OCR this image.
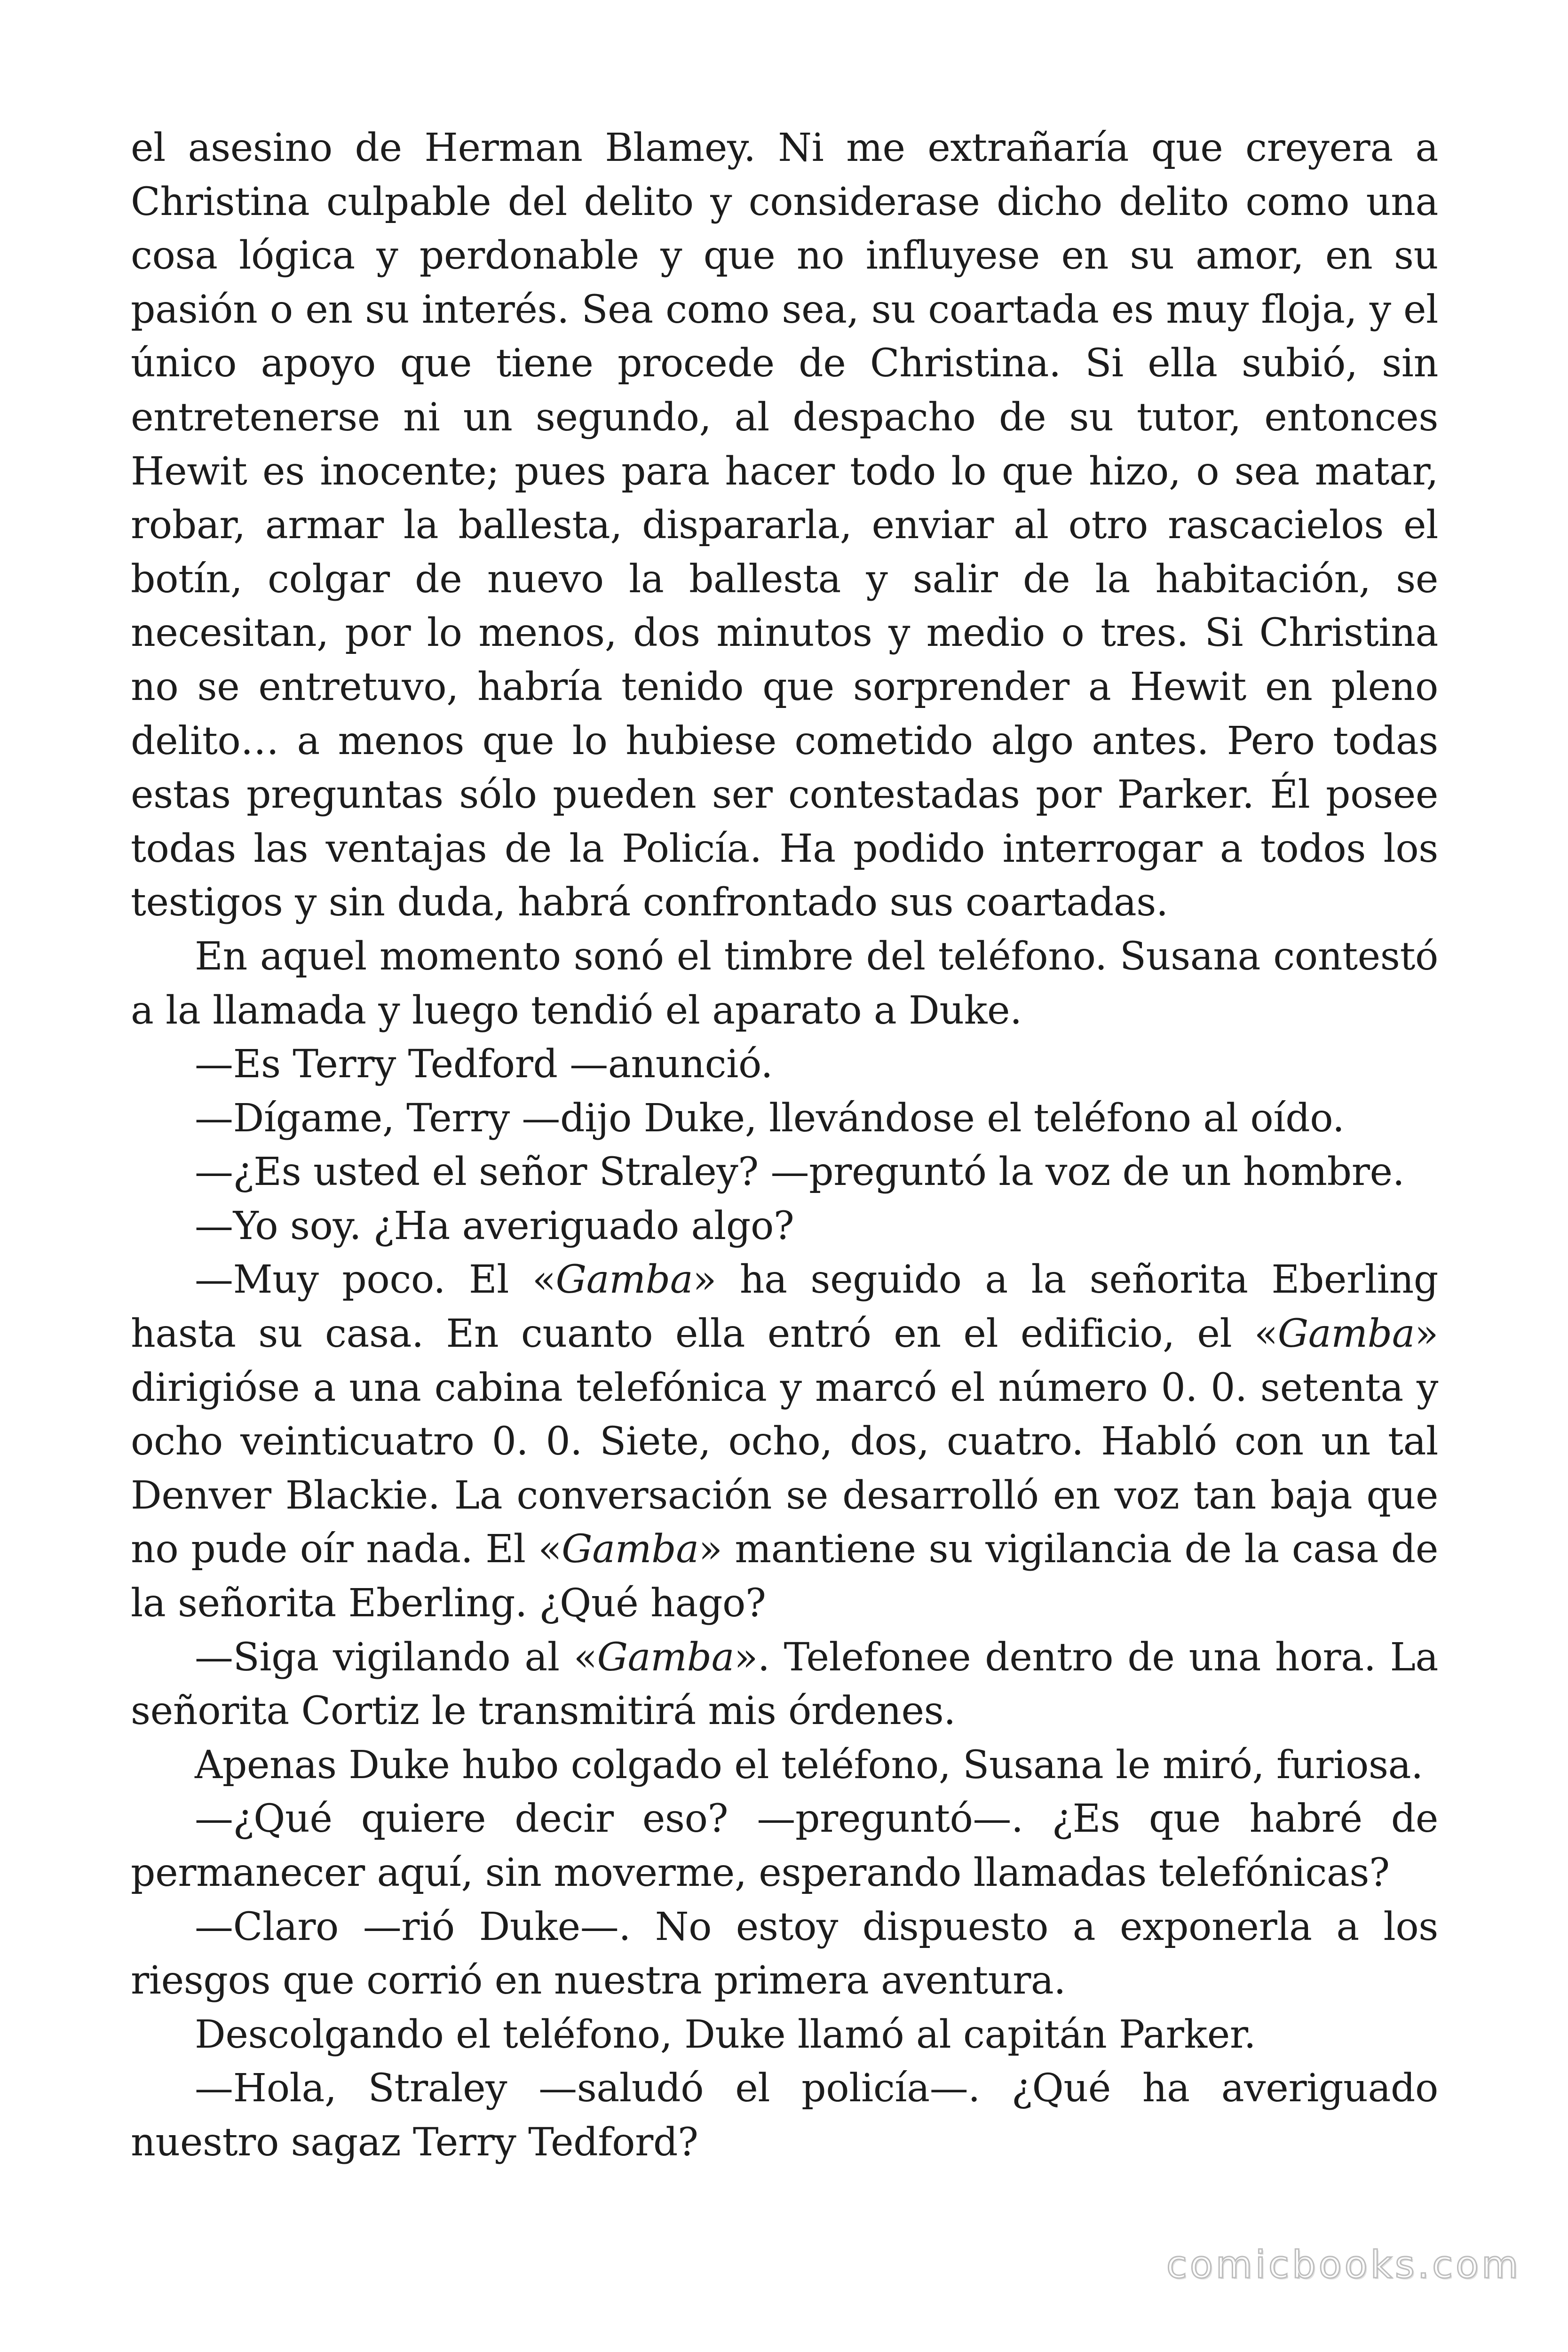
el asesino de Herman Blamey. Ni me extrañaría que creyera a Christina culpable del delito y considerase dicho delito como una cosa lógica y perdonable y que no influyese en su amor, en su pasión o en su interés. Sea como sea, su coartada es muy floja, y el único apoyo que tiene procede de Christina. Si ella subió, sin entretenerse ni un segundo, al despacho de su tutor, entonces Hewit es inocente; pues para hacer todo lo que hizo, o sea matar, robar, armar la ballesta, dispararla, enviar al otro rascacielos el botín, colgar de nuevo la ballesta y salir de la habitación, se necesitan, por lo menos, dos minutos y medio o tres. Si Christina no se entretuvo, habría tenido que sorprender a Hewit en pleno delito… a menos que lo hubiese cometido algo antes. Pero todas estas preguntas sólo pueden ser contestadas por Parker. Él posee todas las ventajas de la Policía. Ha podido interrogar a todos los testigos y sin duda, habrá confrontado sus coartadas.

En aquel momento sonó el timbre del teléfono. Susana contestó a la llamada y luego tendió el aparato a Duke.

—Es Terry Tedford —anunció.

—Dígame, Terry —dijo Duke, llevándose el teléfono al oído.

—¿Es usted el señor Straley? —preguntó la voz de un hombre.

—Yo soy. ¿Ha averiguado algo?

—Muy poco. El «Gamba» ha seguido a la señorita Eberling hasta su casa. En cuanto ella entró en el edificio, el «Gamba» dirigióse a una cabina telefónica y marcó el número 0. 0. setenta y ocho veinticuatro 0. 0. Siete, ocho, dos, cuatro. Habló con un tal Denver Blackie. La conversación se desarrolló en voz tan baja que no pude oír nada. El «Gamba» mantiene su vigilancia de la casa de la señorita Eberling. ¿Qué hago?

—Siga vigilando al «Gamba». Telefonee dentro de una hora. La señorita Cortiz le transmitirá mis órdenes.

Apenas Duke hubo colgado el teléfono, Susana le miró, furiosa.

—¿Qué quiere decir eso? —preguntó—. ¿Es que habré de permanecer aquí, sin moverme, esperando llamadas telefónicas?

—Claro —rió Duke—. No estoy dispuesto a exponerla a los riesgos que corrió en nuestra primera aventura.

Descolgando el teléfono, Duke llamó al capitán Parker.

—Hola, Straley —saludó el policía—. ¿Qué ha averiguado nuestro sagaz Terry Tedford?

comicbooks.com
